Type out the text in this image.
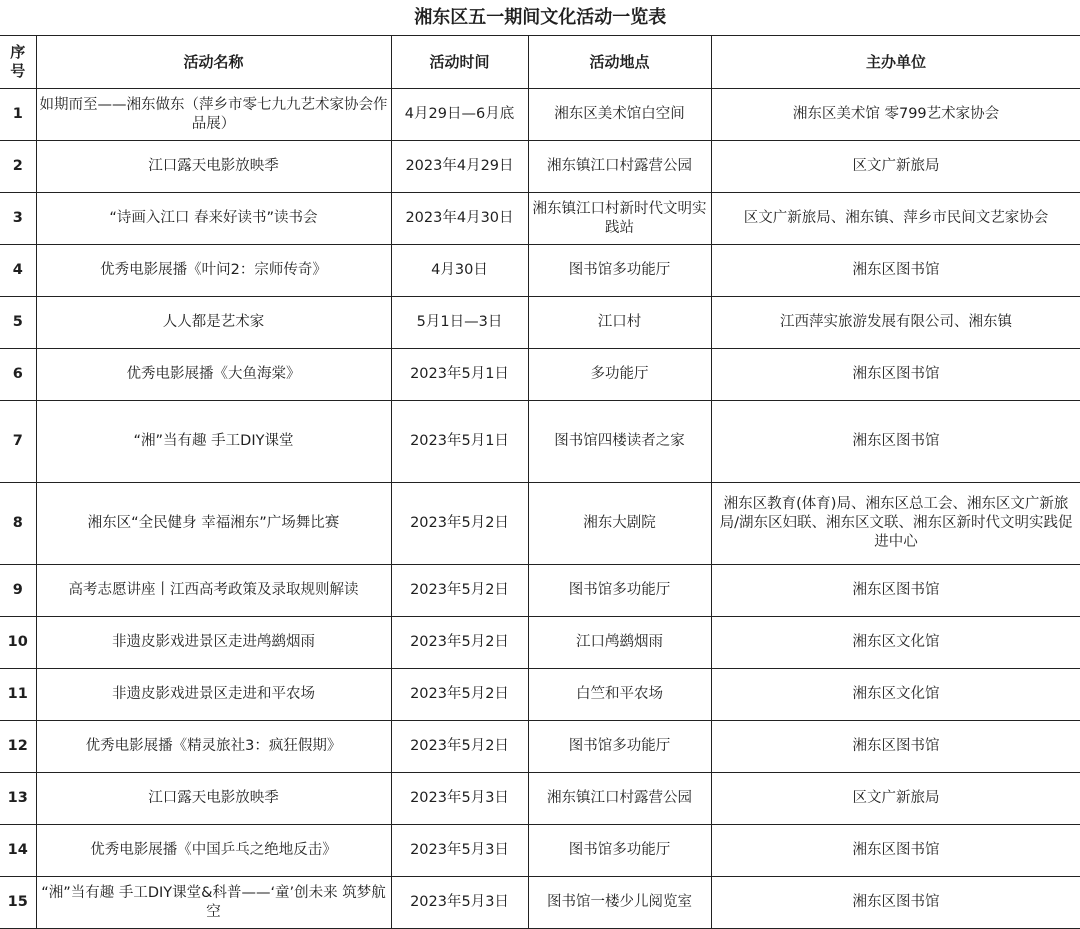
湘东区五一期间文化活动一览表				
序号	活动名称	活动时间	活动地点	主办单位
1	如期而至——湘东做东（萍乡市零七九九艺术家协会作品展）	4月29日—6月底	湘东区美术馆白空间	湘东区美术馆 零799艺术家协会
2	江口露天电影放映季	2023年4月29日	湘东镇江口村露营公园	区文广新旅局
3	“诗画入江口 春来好读书”读书会	2023年4月30日	湘东镇江口村新时代文明实践站	区文广新旅局、湘东镇、萍乡市民间文艺家协会
4	优秀电影展播《叶问2：宗师传奇》	4月30日	图书馆多功能厅	湘东区图书馆
5	人人都是艺术家	5月1日—3日	江口村	江西萍实旅游发展有限公司、湘东镇
6	优秀电影展播《大鱼海棠》	2023年5月1日	多功能厅	湘东区图书馆
7	“湘”当有趣 手工DIY课堂	2023年5月1日	图书馆四楼读者之家	湘东区图书馆
8	湘东区“全民健身 幸福湘东”广场舞比赛	2023年5月2日	湘东大剧院	湘东区教育(体育)局、湘东区总工会、湘东区文广新旅局/湖东区妇联、湘东区文联、湘东区新时代文明实践促进中心
9	高考志愿讲座丨江西高考政策及录取规则解读	2023年5月2日	图书馆多功能厅	湘东区图书馆
10	非遗皮影戏进景区走进鸬鹚烟雨	2023年5月2日	江口鸬鹚烟雨	湘东区文化馆
11	非遗皮影戏进景区走进和平农场	2023年5月2日	白竺和平农场	湘东区文化馆
12	优秀电影展播《精灵旅社3：疯狂假期》	2023年5月2日	图书馆多功能厅	湘东区图书馆
13	江口露天电影放映季	2023年5月3日	湘东镇江口村露营公园	区文广新旅局
14	优秀电影展播《中国乒乓之绝地反击》	2023年5月3日	图书馆多功能厅	湘东区图书馆
15	“湘”当有趣 手工DIY课堂&科普——‘童’创未来 筑梦航空	2023年5月3日	图书馆一楼少儿阅览室	湘东区图书馆
